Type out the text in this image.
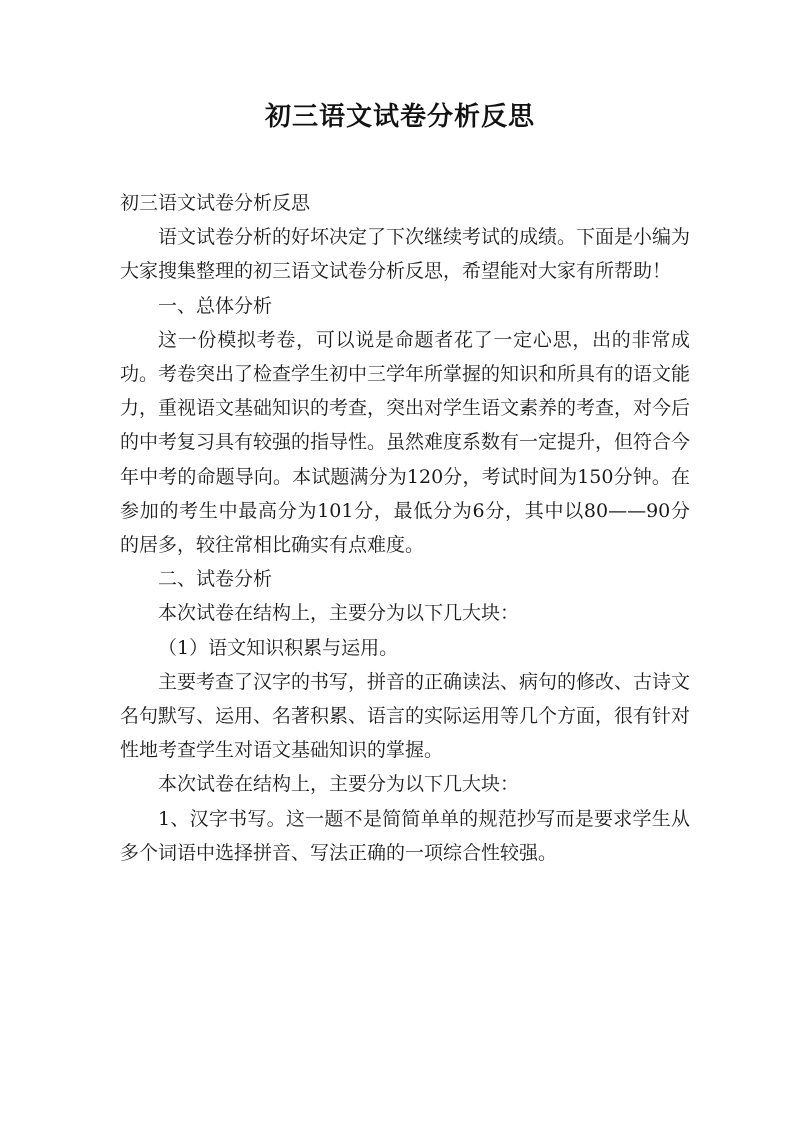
初三语文试卷分析反思

初三语文试卷分析反思

语文试卷分析的好坏决定了下次继续考试的成绩。下面是小编为大家搜集整理的初三语文试卷分析反思，希望能对大家有所帮助！

一、总体分析

这一份模拟考卷，可以说是命题者花了一定心思，出的非常成功。考卷突出了检查学生初中三学年所掌握的知识和所具有的语文能力，重视语文基础知识的考查，突出对学生语文素养的考查，对今后的中考复习具有较强的指导性。虽然难度系数有一定提升，但符合今年中考的命题导向。本试题满分为120分，考试时间为150分钟。在参加的考生中最高分为101分，最低分为6分，其中以80——90分的居多，较往常相比确实有点难度。

二、试卷分析

本次试卷在结构上，主要分为以下几大块：

（1）语文知识积累与运用。

主要考查了汉字的书写，拼音的正确读法、病句的修改、古诗文名句默写、运用、名著积累、语言的实际运用等几个方面，很有针对性地考查学生对语文基础知识的掌握。

本次试卷在结构上，主要分为以下几大块：

1、汉字书写。这一题不是简简单单的规范抄写而是要求学生从多个词语中选择拼音、写法正确的一项综合性较强。
